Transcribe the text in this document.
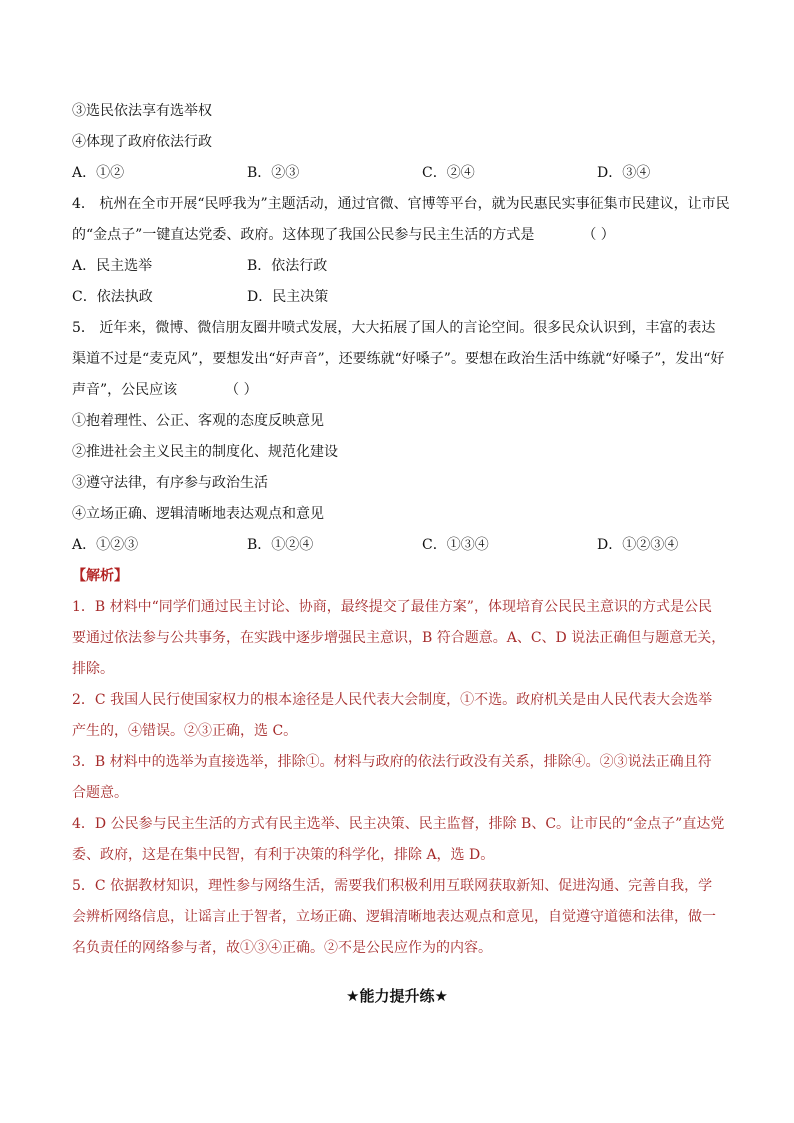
③选民依法享有选举权

④体现了政府依法行政

A．①②	B．②③	C．②④	D．③④

4． 杭州在全市开展“民呼我为”主题活动，通过官微、官博等平台，就为民惠民实事征集市民建议，让市民

的“金点子”一键直达党委、政府。这体现了我国公民参与民主生活的方式是	（ ）

A．民主选举	B．依法行政
C．依法执政	D．民主决策

5． 近年来，微博、微信朋友圈井喷式发展，大大拓展了国人的言论空间。很多民众认识到，丰富的表达

渠道不过是“麦克风”，要想发出“好声音”，还要练就“好嗓子”。要想在政治生活中练就“好嗓子”，发出“好

声音”，公民应该	（ ）

①抱着理性、公正、客观的态度反映意见

②推进社会主义民主的制度化、规范化建设

③遵守法律，有序参与政治生活

④立场正确、逻辑清晰地表达观点和意见

A．①②③	B．①②④	C．①③④	D．①②③④

【解析】

1．B 材料中“同学们通过民主讨论、协商，最终提交了最佳方案”，体现培育公民民主意识的方式是公民

要通过依法参与公共事务，在实践中逐步增强民主意识，B 符合题意。A、C、D 说法正确但与题意无关，

排除。

2．C 我国人民行使国家权力的根本途径是人民代表大会制度，①不选。政府机关是由人民代表大会选举

产生的，④错误。②③正确，选 C。

3．B 材料中的选举为直接选举，排除①。材料与政府的依法行政没有关系，排除④。②③说法正确且符

合题意。

4．D 公民参与民主生活的方式有民主选举、民主决策、民主监督，排除 B、C。让市民的“金点子”直达党

委、政府，这是在集中民智，有利于决策的科学化，排除 A，选 D。

5．C 依据教材知识，理性参与网络生活，需要我们积极利用互联网获取新知、促进沟通、完善自我，学

会辨析网络信息，让谣言止于智者，立场正确、逻辑清晰地表达观点和意见，自觉遵守道德和法律，做一

名负责任的网络参与者，故①③④正确。②不是公民应作为的内容。

★能力提升练★
